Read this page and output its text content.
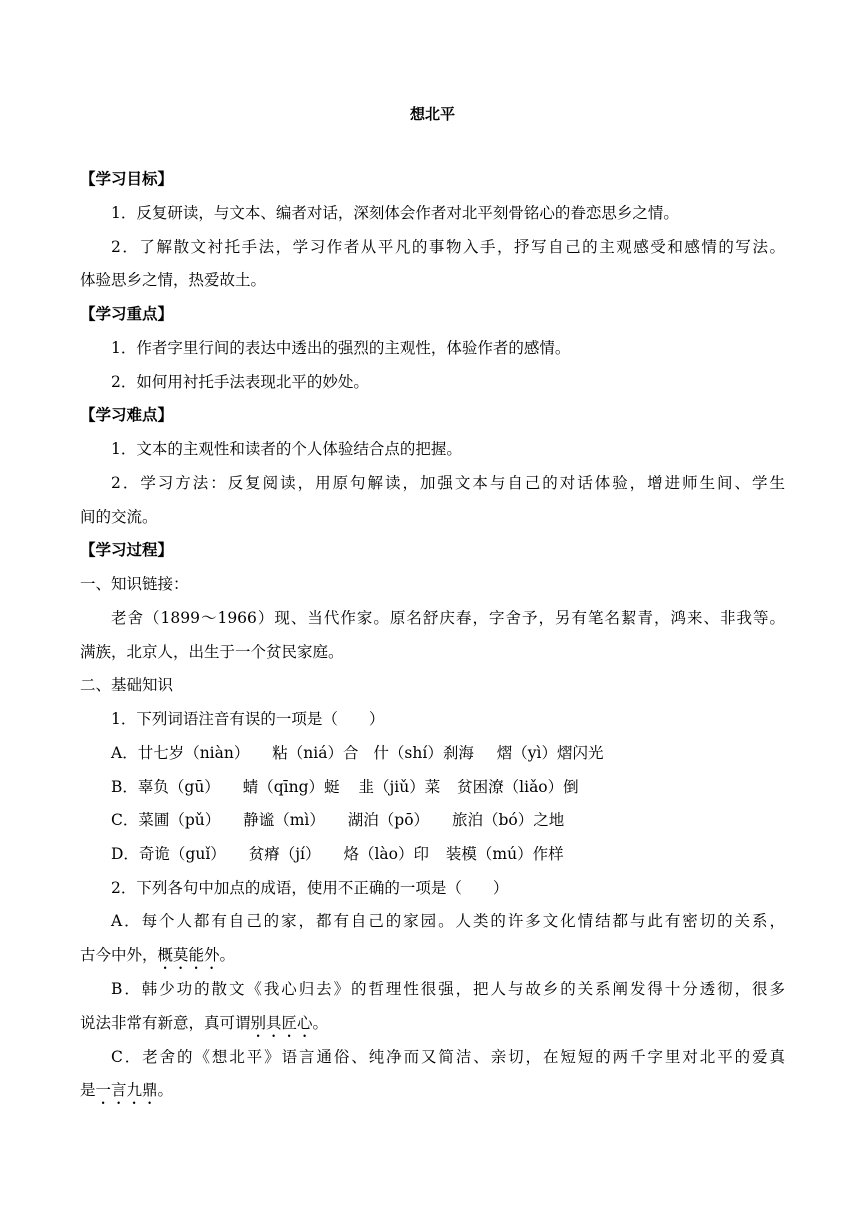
想北平
【学习目标】
1．反复研读，与文本、编者对话，深刻体会作者对北平刻骨铭心的眷恋思乡之情。
2．了解散文衬托手法，学习作者从平凡的事物入手，抒写自己的主观感受和感情的写法。
体验思乡之情，热爱故土。
【学习重点】
1．作者字里行间的表达中透出的强烈的主观性，体验作者的感情。
2．如何用衬托手法表现北平的妙处。
【学习难点】
1．文本的主观性和读者的个人体验结合点的把握。
2．学习方法：反复阅读，用原句解读，加强文本与自己的对话体验，增进师生间、学生
间的交流。
【学习过程】
一、知识链接：
老舍（1899～1966）现、当代作家。原名舒庆春，字舍予，另有笔名絜青，鸿来、非我等。
满族，北京人，出生于一个贫民家庭。
二、基础知识
1．下列词语注音有误的一项是（　　）
A．廿七岁（niàn） 粘（niá）合 什（shí）刹海 熠（yì）熠闪光
B．辜负（gū） 蜻（qīng）蜓 韭（jiǔ）菜 贫困潦（liǎo）倒
C．菜圃（pǔ） 静谧（mì） 湖泊（pō） 旅泊（bó）之地
D．奇诡（guǐ） 贫瘠（jí） 烙（lào）印 装模（mú）作样
2．下列各句中加点的成语，使用不正确的一项是（　　）
A．每个人都有自己的家，都有自己的家园。人类的许多文化情结都与此有密切的关系，
古今中外，概莫能外。
B．韩少功的散文《我心归去》的哲理性很强，把人与故乡的关系阐发得十分透彻，很多
说法非常有新意，真可谓别具匠心。
C．老舍的《想北平》语言通俗、纯净而又简洁、亲切，在短短的两千字里对北平的爱真
是一言九鼎。
